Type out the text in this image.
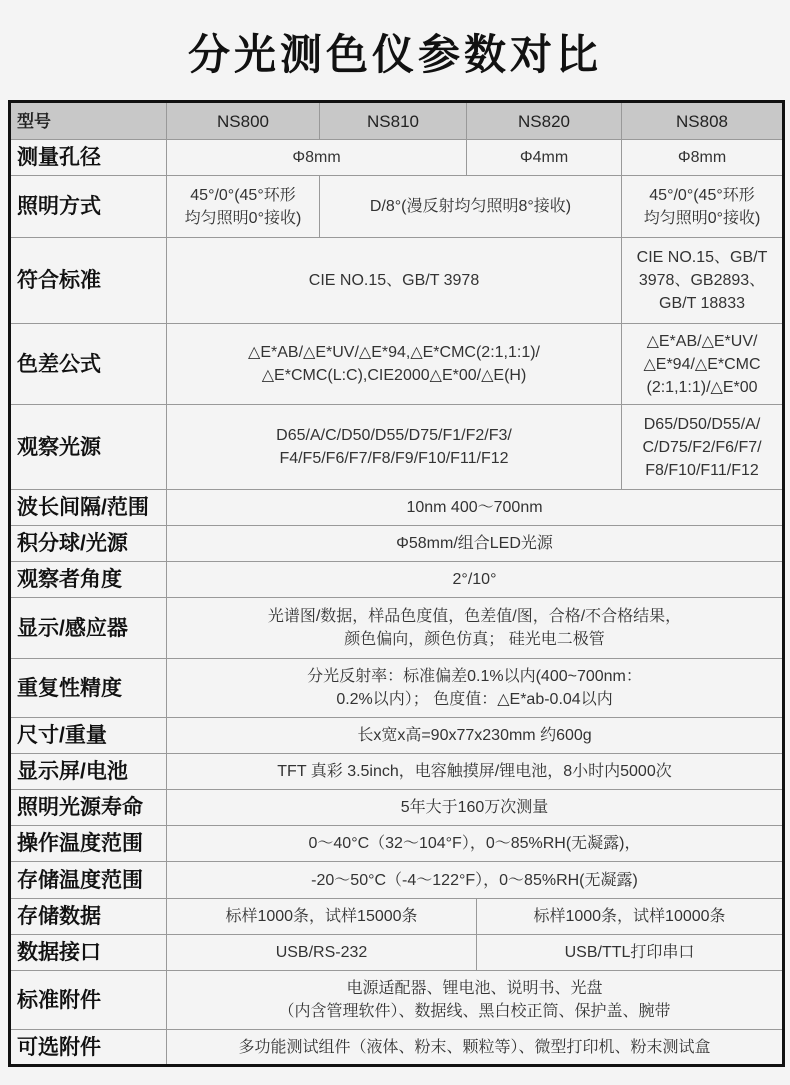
分光测色仪参数对比
型号	NS800	NS810	NS820		NS808
测量孔径	Φ8mm		Φ4mm		Φ8mm
照明方式	45°/0°(45°环形
均匀照明0°接收)	D/8°(漫反射均匀照明8°接收)			45°/0°(45°环形
均匀照明0°接收)
符合标准	CIE NO.15、GB/T 3978				CIE NO.15、GB/T
3978、GB2893、
GB/T 18833
色差公式	△E*AB/△E*UV/△E*94,△E*CMC(2:1,1:1)/
△E*CMC(L:C),CIE2000△E*00/△E(H)				△E*AB/△E*UV/
△E*94/△E*CMC
(2:1,1:1)/△E*00
观察光源	D65/A/C/D50/D55/D75/F1/F2/F3/
F4/F5/F6/F7/F8/F9/F10/F11/F12				D65/D50/D55/A/
C/D75/F2/F6/F7/
F8/F10/F11/F12
波长间隔/范围	10nm 400～700nm				
积分球/光源	Φ58mm/组合LED光源				
观察者角度	2°/10°				
显示/感应器	光谱图/数据，样品色度值，色差值/图，合格/不合格结果，
颜色偏向，颜色仿真； 硅光电二极管				
重复性精度	分光反射率：标准偏差0.1%以内(400~700nm：
0.2%以内）； 色度值：△E*ab-0.04以内				
尺寸/重量	长x宽x高=90x77x230mm 约600g				
显示屏/电池	TFT 真彩 3.5inch，电容触摸屏/锂电池，8小时内5000次				
照明光源寿命	5年大于160万次测量				
操作温度范围	0～40°C（32～104°F），0～85%RH(无凝露)，				
存储温度范围	-20～50°C（-4～122°F），0～85%RH(无凝露)				
存储数据	标样1000条，试样15000条			标样1000条，试样10000条	
数据接口	USB/RS-232			USB/TTL打印串口	
标准附件	电源适配器、锂电池、说明书、光盘
（内含管理软件）、数据线、黑白校正筒、保护盖、腕带				
可选附件	多功能测试组件（液体、粉末、颗粒等）、微型打印机、粉末测试盒				
